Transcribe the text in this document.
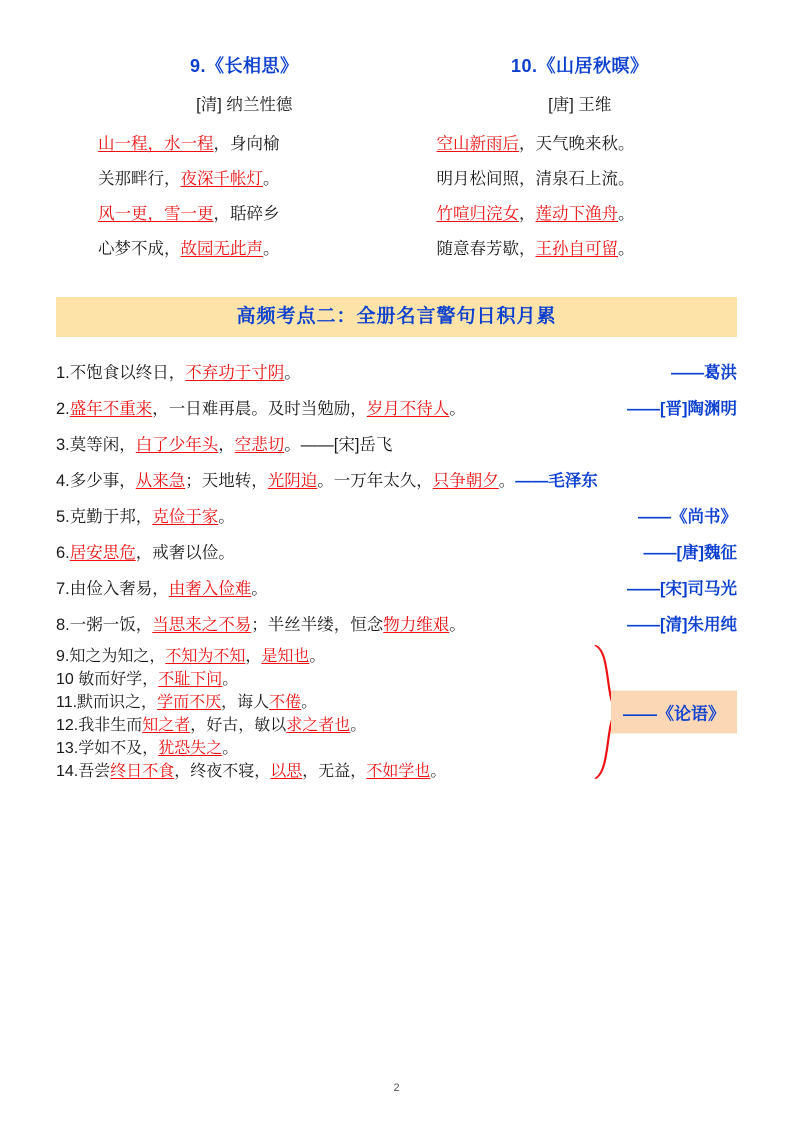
9.《长相思》
[清] 纳兰性德
山一程，水一程，身向榆
关那畔行，夜深千帐灯。
风一更，雪一更，聒碎乡
心梦不成，故园无此声。
10.《山居秋暝》
[唐] 王维
空山新雨后，天气晚来秋。
明月松间照，清泉石上流。
竹喧归浣女，莲动下渔舟。
随意春芳歇，王孙自可留。
高频考点二：全册名言警句日积月累
——葛洪
1.不饱食以终日，不弃功于寸阴。
——[晋]陶渊明
2.盛年不重来，一日难再晨。及时当勉励，岁月不待人。
3.莫等闲，白了少年头，空悲切。——[宋]岳飞
4.多少事，从来急；天地转，光阴迫。一万年太久，只争朝夕。——毛泽东
——《尚书》
5.克勤于邦，克俭于家。
——[唐]魏征
6.居安思危，戒奢以俭。
——[宋]司马光
7.由俭入奢易，由奢入俭难。
——[清]朱用纯
8.一粥一饭，当思来之不易；半丝半缕，恒念物力维艰。
9.知之为知之，不知为不知，是知也。
10 敏而好学，不耻下问。
11.默而识之，学而不厌，诲人不倦。
12.我非生而知之者，好古，敏以求之者也。
13.学如不及，犹恐失之。
14.吾尝终日不食，终夜不寝，以思，无益，不如学也。
——《论语》
2
